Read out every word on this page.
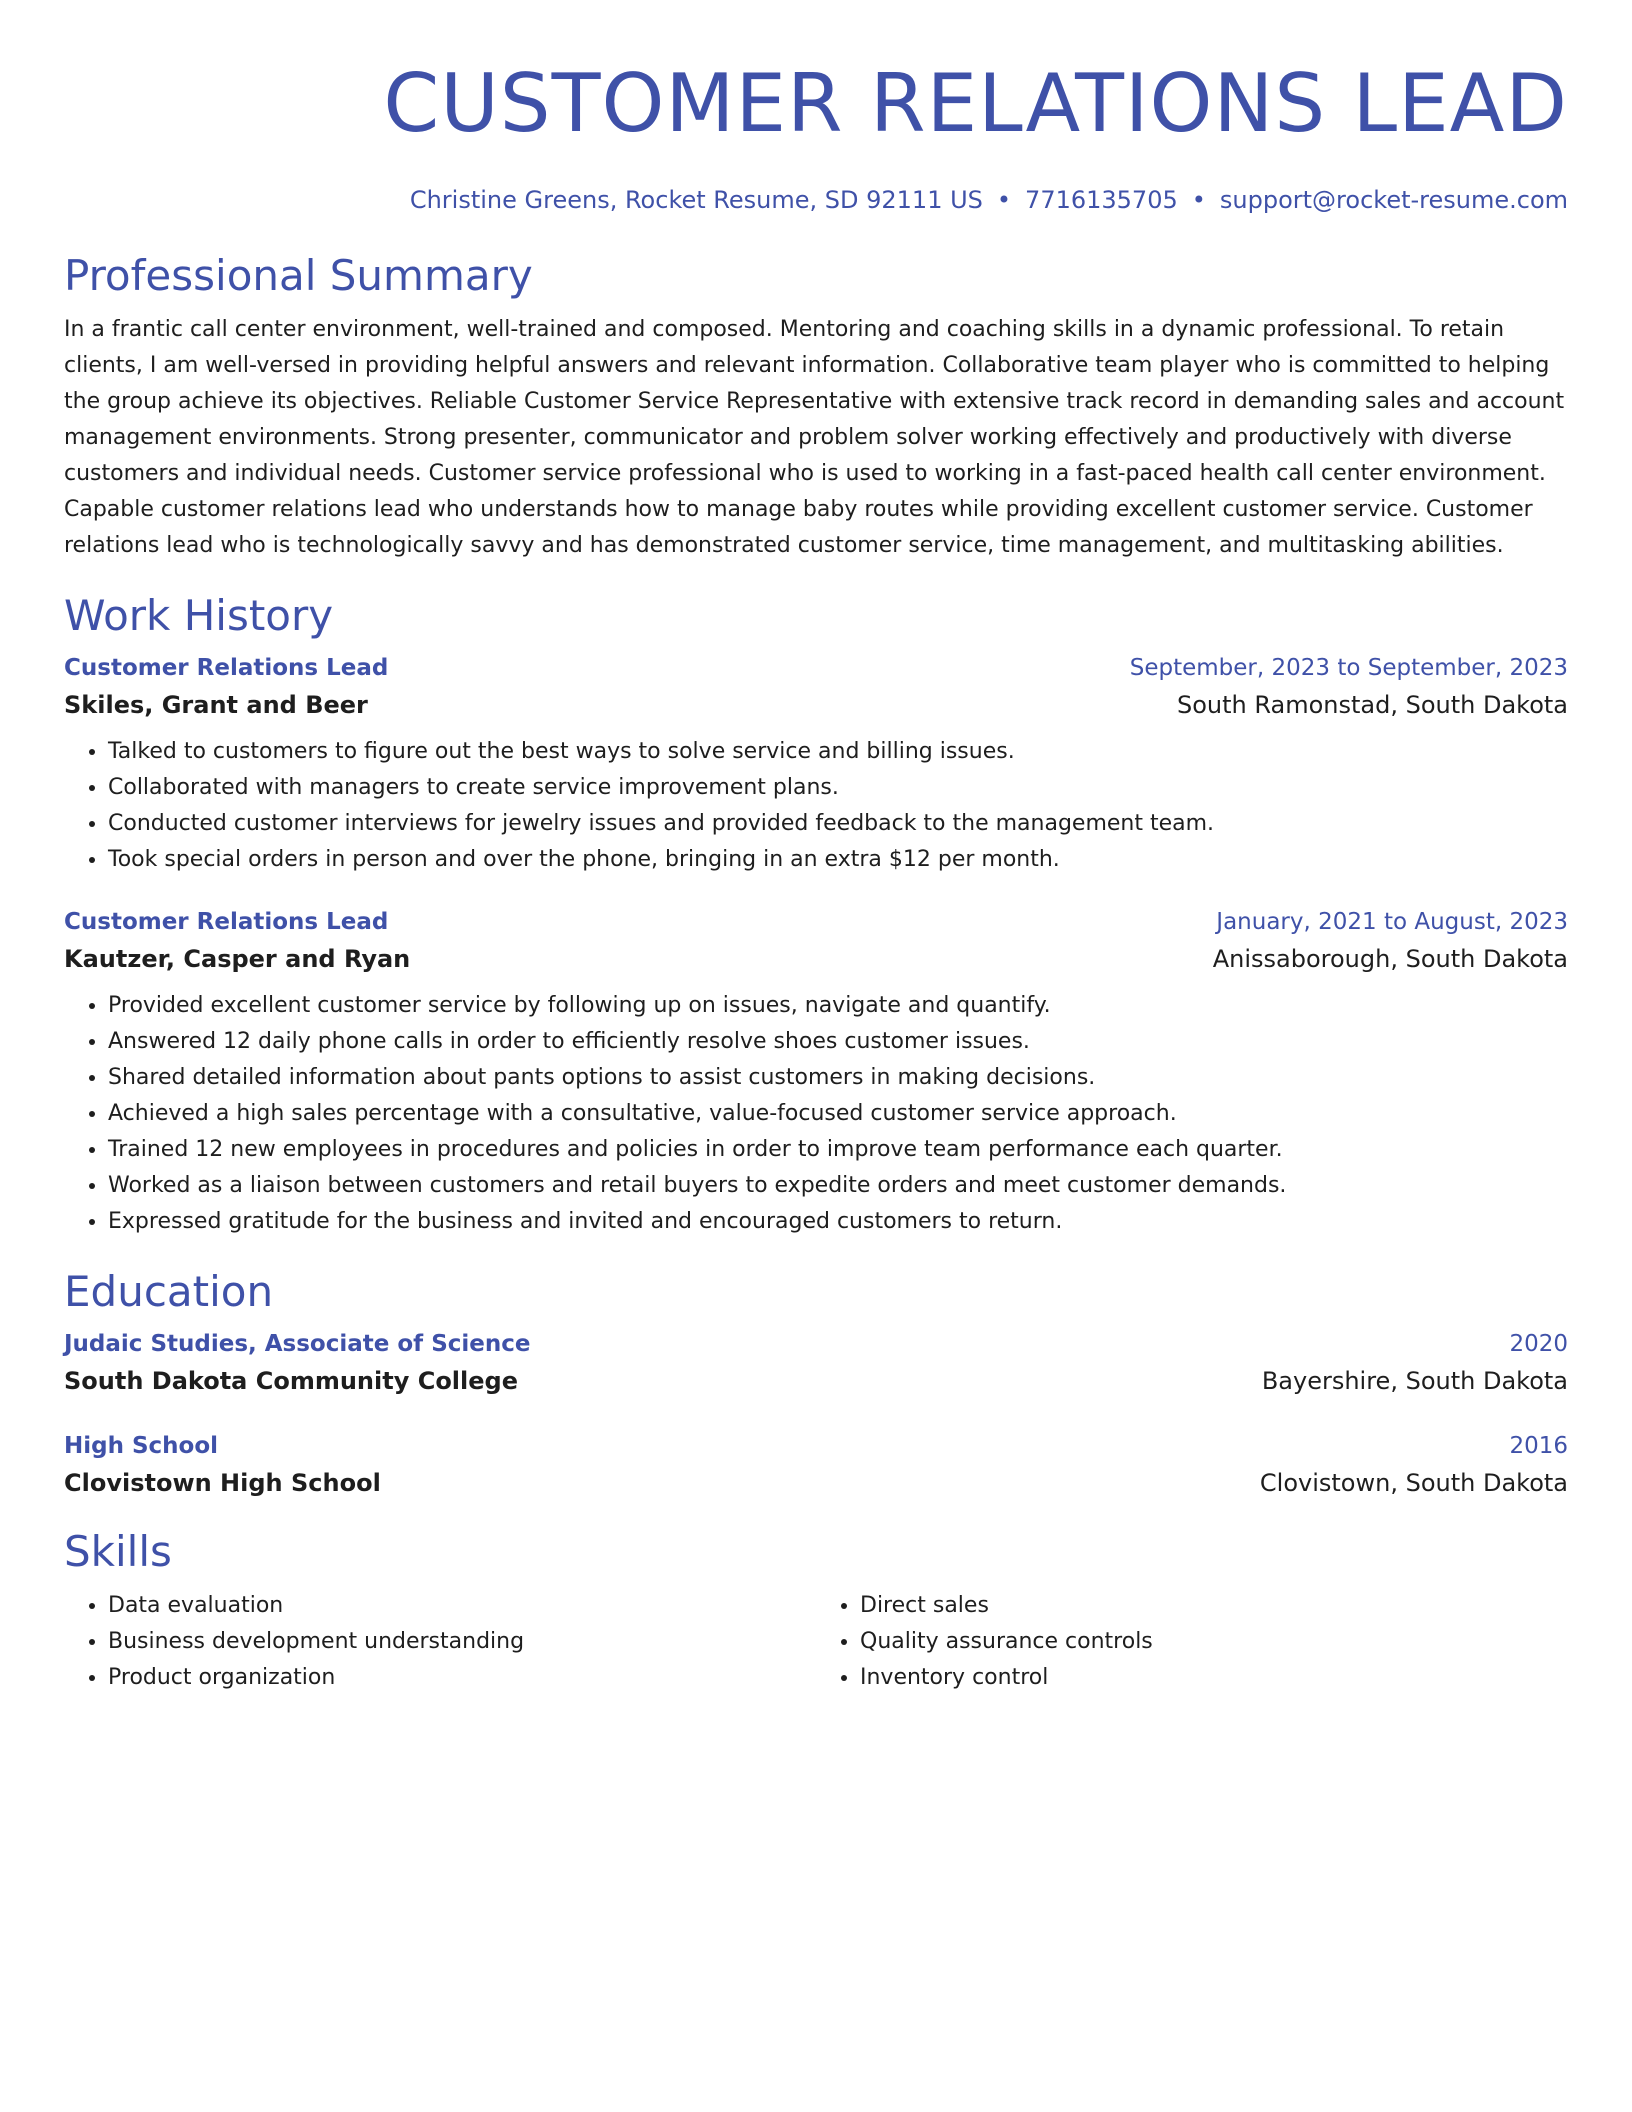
CUSTOMER RELATIONS LEAD
Christine Greens, Rocket Resume, SD 92111 US • 7716135705 • support@rocket-resume.com
Professional Summary

In a frantic call center environment, well-trained and composed. Mentoring and coaching skills in a dynamic professional. To retain clients, I am well-versed in providing helpful answers and relevant information. Collaborative team player who is committed to helping the group achieve its objectives. Reliable Customer Service Representative with extensive track record in demanding sales and account management environments. Strong presenter, communicator and problem solver working effectively and productively with diverse customers and individual needs. Customer service professional who is used to working in a fast-paced health call center environment. Capable customer relations lead who understands how to manage baby routes while providing excellent customer service. Customer relations lead who is technologically savvy and has demonstrated customer service, time management, and multitasking abilities.

Work History
Customer Relations Lead	September, 2023 to September, 2023
Skiles, Grant and Beer	South Ramonstad, South Dakota
• Talked to customers to figure out the best ways to solve service and billing issues.
• Collaborated with managers to create service improvement plans.
• Conducted customer interviews for jewelry issues and provided feedback to the management team.
• Took special orders in person and over the phone, bringing in an extra $12 per month.
Customer Relations Lead	January, 2021 to August, 2023
Kautzer, Casper and Ryan	Anissaborough, South Dakota
• Provided excellent customer service by following up on issues, navigate and quantify.
• Answered 12 daily phone calls in order to efficiently resolve shoes customer issues.
• Shared detailed information about pants options to assist customers in making decisions.
• Achieved a high sales percentage with a consultative, value-focused customer service approach.
• Trained 12 new employees in procedures and policies in order to improve team performance each quarter.
• Worked as a liaison between customers and retail buyers to expedite orders and meet customer demands.
• Expressed gratitude for the business and invited and encouraged customers to return.
Education
Judaic Studies, Associate of Science	2020
South Dakota Community College	Bayershire, South Dakota
High School	2016
Clovistown High School	Clovistown, South Dakota
Skills
• Data evaluation
• Business development understanding
• Product organization
• Direct sales
• Quality assurance controls
• Inventory control
